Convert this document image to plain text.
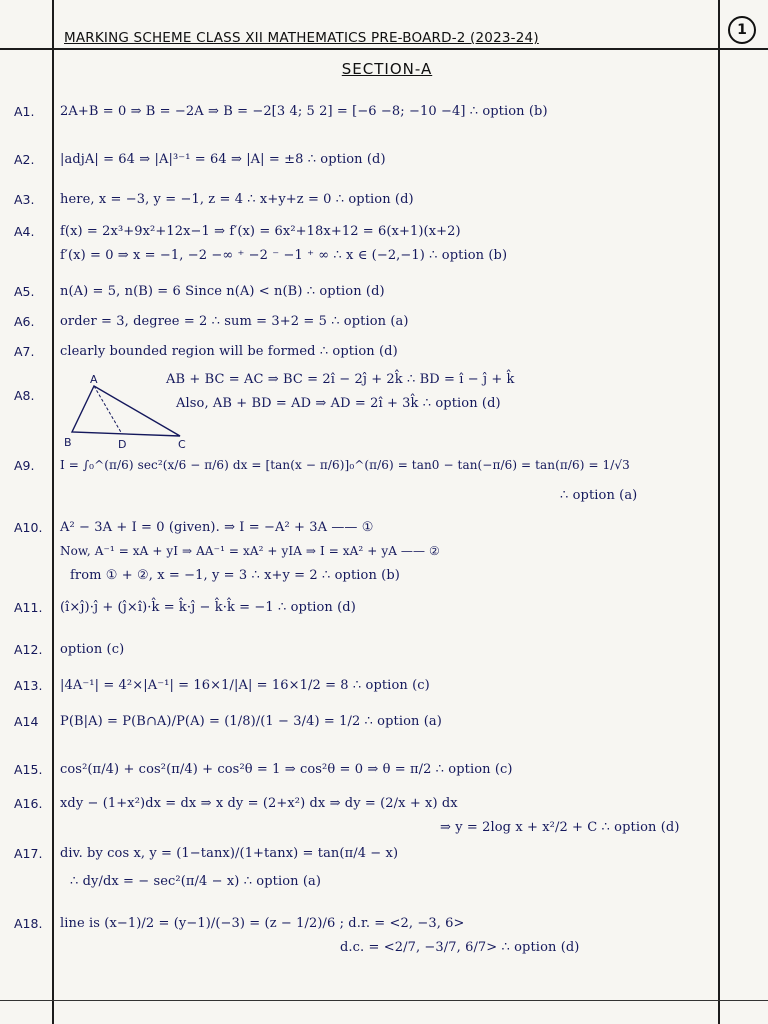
1
MARKING SCHEME CLASS XII MATHEMATICS PRE-BOARD-2 (2023-24)
SECTION-A
A1.	2A+B = 0 ⇒ B = −2A ⇒ B = −2[3 4; 5 2] = [−6 −8; −10 −4] ∴ option (b)
A2.	|adjA| = 64 ⇒ |A|³⁻¹ = 64 ⇒ |A| = ±8 ∴ option (d)
A3.	here, x = −3, y = −1, z = 4 ∴ x+y+z = 0 ∴ option (d)
A4.	f(x) = 2x³+9x²+12x−1 ⇒ f′(x) = 6x²+18x+12 = 6(x+1)(x+2)
f′(x) = 0 ⇒ x = −1, −2 −∞ ⁺ −2 ⁻ −1 ⁺ ∞ ∴ x ∈ (−2,−1) ∴ option (b)
A5.	n(A) = 5, n(B) = 6 Since n(A) < n(B) ∴ option (d)
A6.	order = 3, degree = 2 ∴ sum = 3+2 = 5 ∴ option (a)
A7.	clearly bounded region will be formed ∴ option (d)
A8.
AB + BC = AC ⇒ BC = 2î − 2ĵ + 2k̂ ∴ BD = î − ĵ + k̂
Also, AB + BD = AD ⇒ AD = 2î + 3k̂ ∴ option (d)
A
B	D	C
A9.	I = ∫₀^(π/6) sec²(x/6 − π/6) dx = [tan(x − π/6)]₀^(π/6) = tan0 − tan(−π/6) = tan(π/6) = 1/√3
∴ option (a)
A10.	A² − 3A + I = 0 (given). ⇒ I = −A² + 3A —— ①
Now, A⁻¹ = xA + yI ⇒ AA⁻¹ = xA² + yIA ⇒ I = xA² + yA —— ②
from ① + ②, x = −1, y = 3 ∴ x+y = 2 ∴ option (b)
A11.	(î×ĵ)·ĵ + (ĵ×î)·k̂ = k̂·ĵ − k̂·k̂ = −1 ∴ option (d)
A12.	option (c)
A13.	|4A⁻¹| = 4²×|A⁻¹| = 16×1/|A| = 16×1/2 = 8 ∴ option (c)
A14	P(B|A) = P(B∩A)/P(A) = (1/8)/(1 − 3/4) = 1/2 ∴ option (a)
A15.	cos²(π/4) + cos²(π/4) + cos²θ = 1 ⇒ cos²θ = 0 ⇒ θ = π/2 ∴ option (c)
A16.	xdy − (1+x²)dx = dx ⇒ x dy = (2+x²) dx ⇒ dy = (2/x + x) dx
⇒ y = 2log x + x²/2 + C ∴ option (d)
A17.	div. by cos x, y = (1−tanx)/(1+tanx) = tan(π/4 − x)
∴ dy/dx = − sec²(π/4 − x) ∴ option (a)
A18.	line is (x−1)/2 = (y−1)/(−3) = (z − 1/2)/6 ; d.r. = <2, −3, 6>
d.c. = <2/7, −3/7, 6/7> ∴ option (d)
